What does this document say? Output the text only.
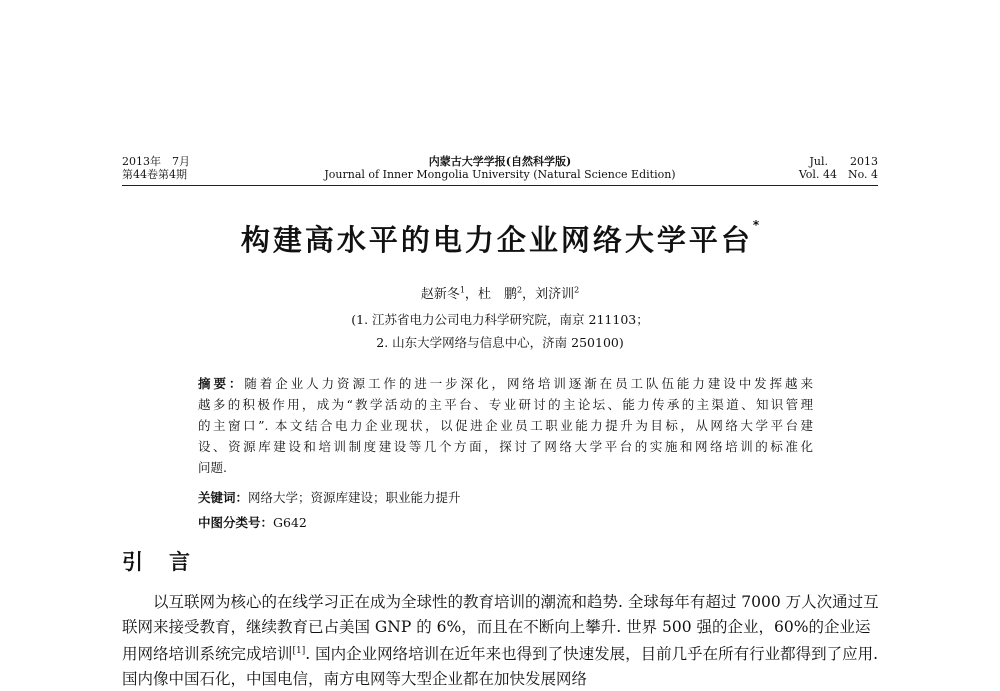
2013年　7月
第44卷第4期
内蒙古大学学报(自然科学版)
Journal of Inner Mongolia University (Natural Science Edition)
Jul.　　2013
Vol. 44　No. 4
构建高水平的电力企业网络大学平台*
赵新冬$^1$，杜　鹏$^2$，刘济训$^2$
(1. 江苏省电力公司电力科学研究院，南京 211103；
2. 山东大学网络与信息中心，济南 250100)
摘要：随着企业人力资源工作的进一步深化，网络培训逐渐在员工队伍能力建设中发挥越来
越多的积极作用，成为“教学活动的主平台、专业研讨的主论坛、能力传承的主渠道、知识管理
的主窗口”. 本文结合电力企业现状，以促进企业员工职业能力提升为目标，从网络大学平台建
设、资源库建设和培训制度建设等几个方面，探讨了网络大学平台的实施和网络培训的标准化
问题.
关键词：网络大学；资源库建设；职业能力提升
中图分类号：G642
引言
以互联网为核心的在线学习正在成为全球性的教育培训的潮流和趋势. 全球每年有超过 7000 万人次通过互联网来接受教育，继续教育已占美国 GNP 的 6%，而且在不断向上攀升. 世界 500 强的企业，60%的企业运用网络培训系统完成培训[1]. 国内企业网络培训在近年来也得到了快速发展，目前几乎在所有行业都得到了应用. 国内像中国石化，中国电信，南方电网等大型企业都在加快发展网络
